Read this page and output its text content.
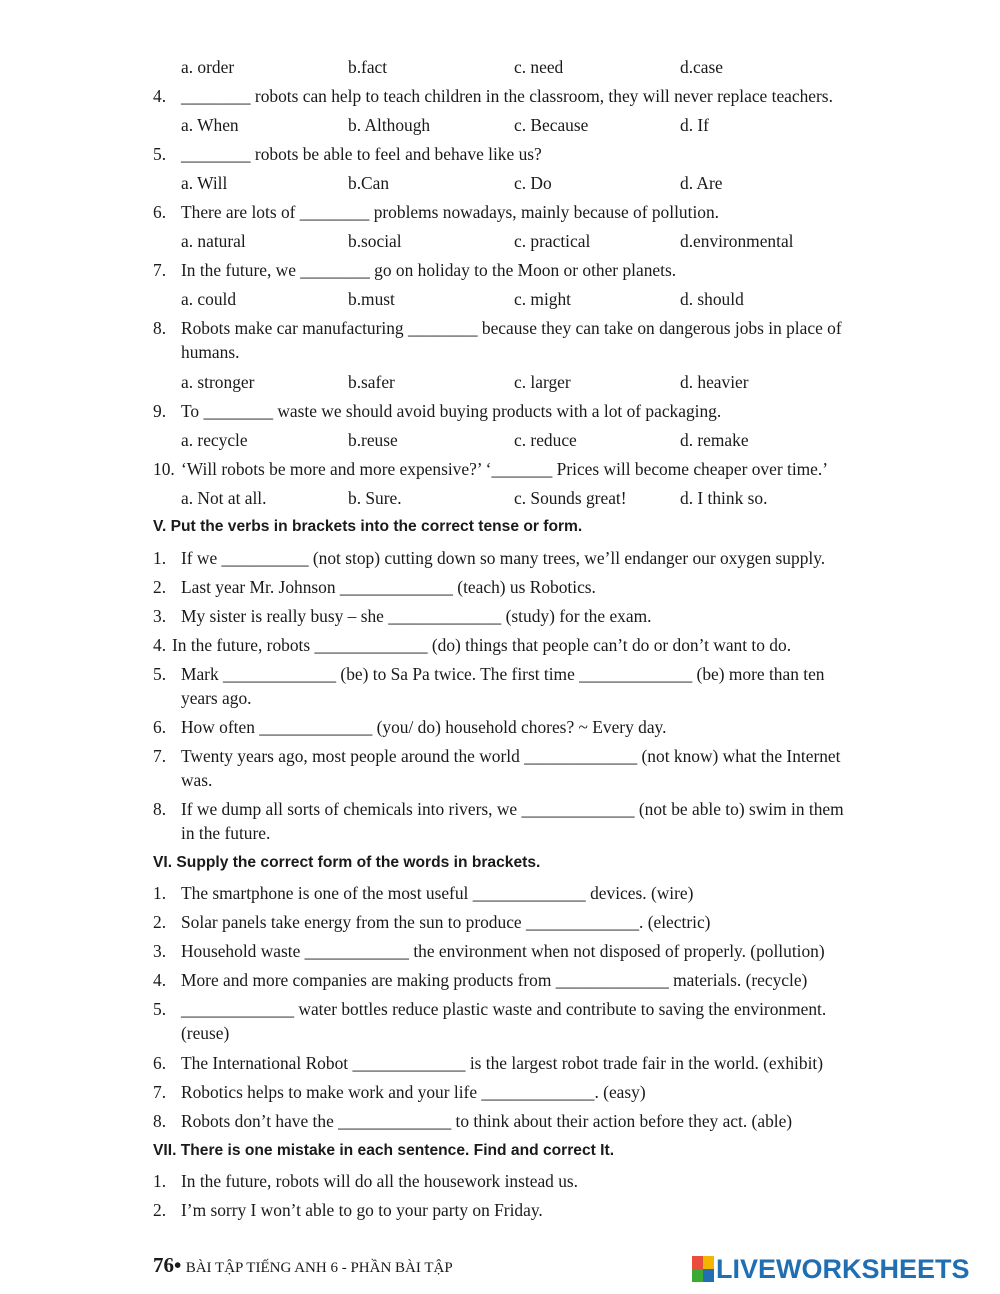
a. order	b.fact	c. need	d.case
4. ________ robots can help to teach children in the classroom, they will never replace teachers.
a. When	b. Although	c. Because	d. If
5. ________ robots be able to feel and behave like us?
a. Will	b.Can	c. Do	d. Are
6. There are lots of ________ problems nowadays, mainly because of pollution.
a. natural	b.social	c. practical	d.environmental
7. In the future, we ________ go on holiday to the Moon or other planets.
a. could	b.must	c. might	d. should
8. Robots make car manufacturing ________ because they can take on dangerous jobs in place of
humans.
a. stronger	b.safer	c. larger	d. heavier
9. To ________ waste we should avoid buying products with a lot of packaging.
a. recycle	b.reuse	c. reduce	d. remake
10. ‘Will robots be more and more expensive?’ ‘_______ Prices will become cheaper over time.’
a. Not at all.	b. Sure.	c. Sounds great!	d. I think so.
V. Put the verbs in brackets into the correct tense or form.
1. If we __________ (not stop) cutting down so many trees, we’ll endanger our oxygen supply.
2. Last year Mr. Johnson _____________ (teach) us Robotics.
3. My sister is really busy – she _____________ (study) for the exam.
4. In the future, robots _____________ (do) things that people can’t do or don’t want to do.
5. Mark _____________ (be) to Sa Pa twice. The first time _____________ (be) more than ten
years ago.
6. How often _____________ (you/ do) household chores? ~ Every day.
7. Twenty years ago, most people around the world _____________ (not know) what the Internet
was.
8. If we dump all sorts of chemicals into rivers, we _____________ (not be able to) swim in them
in the future.
VI. Supply the correct form of the words in brackets.
1. The smartphone is one of the most useful _____________ devices. (wire)
2. Solar panels take energy from the sun to produce _____________. (electric)
3. Household waste ____________ the environment when not disposed of properly. (pollution)
4. More and more companies are making products from _____________ materials. (recycle)
5. _____________ water bottles reduce plastic waste and contribute to saving the environment.
(reuse)
6. The International Robot _____________ is the largest robot trade fair in the world. (exhibit)
7. Robotics helps to make work and your life _____________. (easy)
8. Robots don’t have the _____________ to think about their action before they act. (able)
VII. There is one mistake in each sentence. Find and correct It.
1. In the future, robots will do all the housework instead us.
2. I’m sorry I won’t able to go to your party on Friday.
76• BÀI TẬP TIẾNG ANH 6 - PHẦN BÀI TẬP	LIVEWORKSHEETS
